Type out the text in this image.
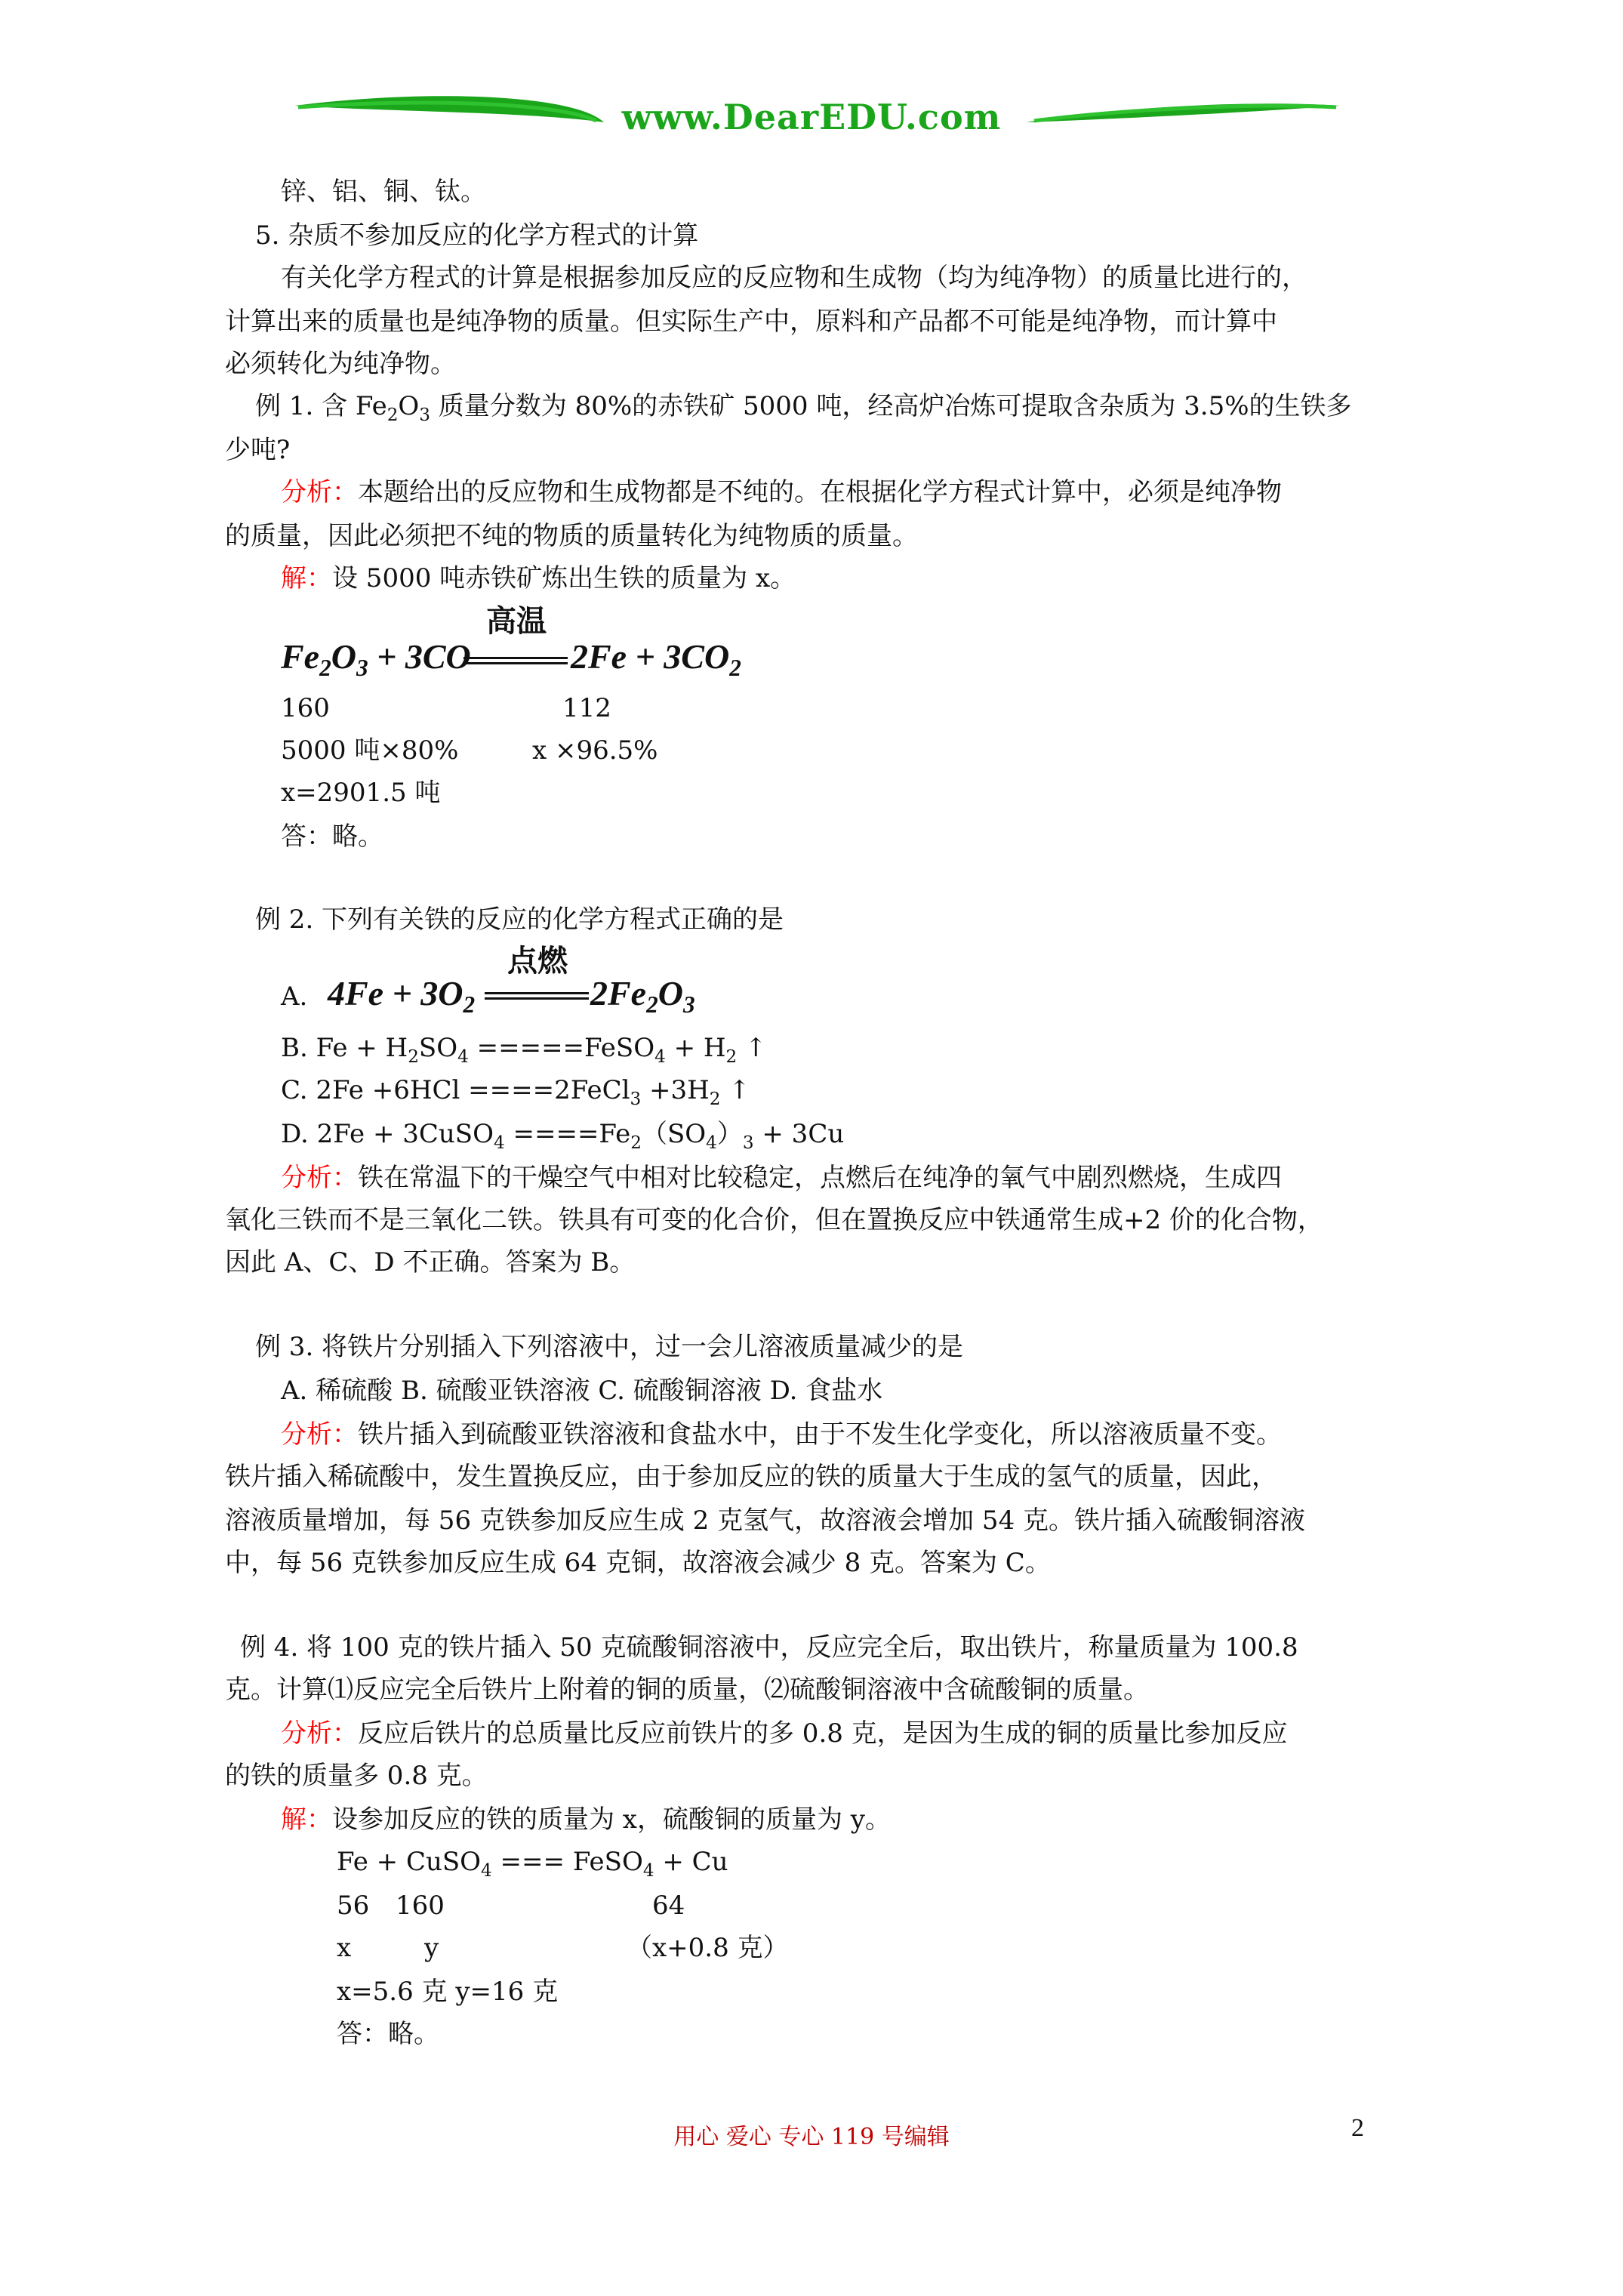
www.DearEDU.com
锌、铝、铜、钛。
5. 杂质不参加反应的化学方程式的计算
有关化学方程式的计算是根据参加反应的反应物和生成物（均为纯净物）的质量比进行的，
计算出来的质量也是纯净物的质量。但实际生产中，原料和产品都不可能是纯净物，而计算中
必须转化为纯净物。
例 1. 含 $Fe_2O_3$ 质量分数为 80%的赤铁矿 5000 吨，经高炉冶炼可提取含杂质为 3.5%的生铁多
少吨?
分析：本题给出的反应物和生成物都是不纯的。在根据化学方程式计算中，必须是纯净物
的质量，因此必须把不纯的物质的质量转化为纯物质的质量。
解：设 5000 吨赤铁矿炼出生铁的质量为 x。
$Fe_2O_3 + 3CO$
高温
$2Fe + 3CO_2$
160	112
5000 吨×80%	x ×96.5%
x=2901.5 吨
答：略。
例 2. 下列有关铁的反应的化学方程式正确的是
A. $4Fe + 3O_2$
点燃
$2Fe_2O_3$
B. $Fe + H_2SO_4$ =====FeSO$_4$ + $H_2$ ↑
C. 2Fe +6HCl ====2FeCl$_3$ $+3H_2$ ↑
D. 2Fe + 3CuSO$_4$ $====Fe_2(SO_4)_3 + 3Cu$
分析：铁在常温下的干燥空气中相对比较稳定，点燃后在纯净的氧气中剧烈燃烧，生成四
氧化三铁而不是三氧化二铁。铁具有可变的化合价，但在置换反应中铁通常生成+2 价的化合物，
因此 A、C、D 不正确。答案为 B。
例 3. 将铁片分别插入下列溶液中，过一会儿溶液质量减少的是
A. 稀硫酸 B. 硫酸亚铁溶液 C. 硫酸铜溶液 D. 食盐水
分析：铁片插入到硫酸亚铁溶液和食盐水中，由于不发生化学变化，所以溶液质量不变。
铁片插入稀硫酸中，发生置换反应，由于参加反应的铁的质量大于生成的氢气的质量，因此，
溶液质量增加，每 56 克铁参加反应生成 2 克氢气，故溶液会增加 54 克。铁片插入硫酸铜溶液
中，每 56 克铁参加反应生成 64 克铜，故溶液会减少 8 克。答案为 C。
例 4. 将 100 克的铁片插入 50 克硫酸铜溶液中，反应完全后，取出铁片，称量质量为 100.8
克。计算⑴反应完全后铁片上附着的铜的质量，⑵硫酸铜溶液中含硫酸铜的质量。
分析：反应后铁片的总质量比反应前铁片的多 0.8 克，是因为生成的铜的质量比参加反应
的铁的质量多 0.8 克。
解：设参加反应的铁的质量为 x，硫酸铜的质量为 y。
Fe + CuSO$_4$ === FeSO$_4$ + Cu
56 160	64
x	y	（x+0.8 克）
x=5.6 克 y=16 克
答：略。
用心 爱心 专心 119 号编辑	2
